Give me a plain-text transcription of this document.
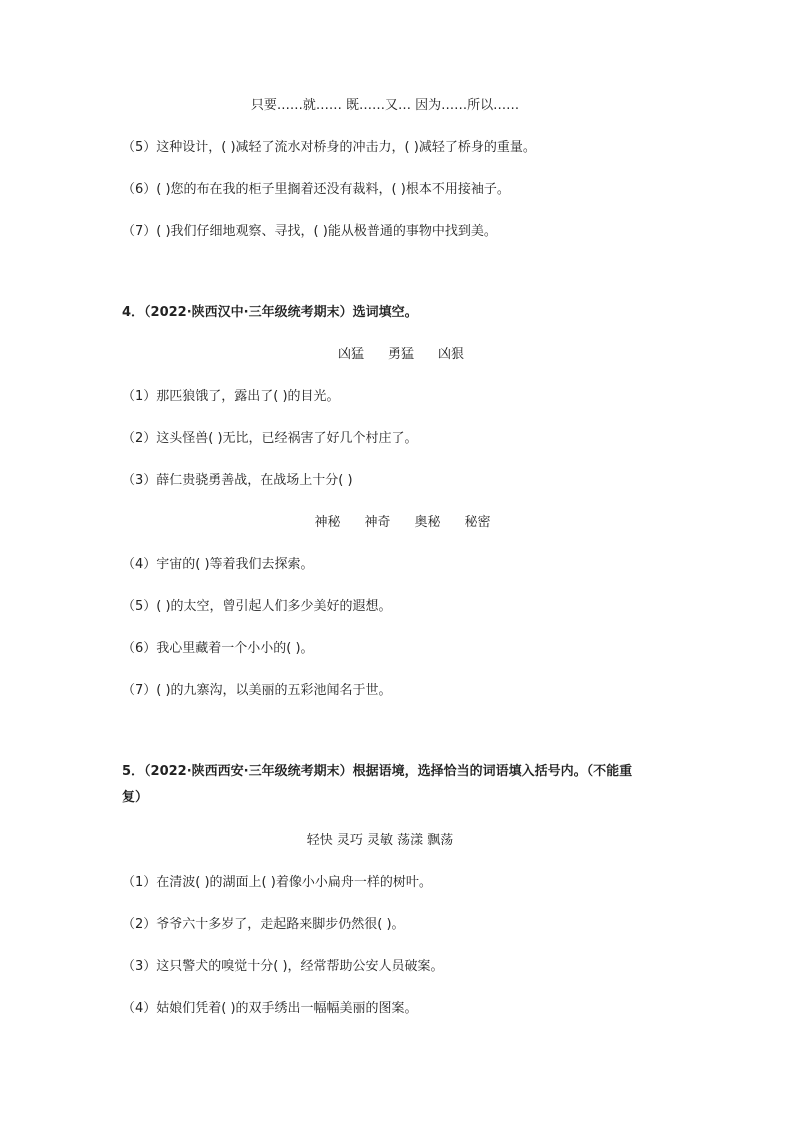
只要……就…… 既……又… 因为……所以……
（5）这种设计，( )减轻了流水对桥身的冲击力，( )减轻了桥身的重量。
（6）( )您的布在我的柜子里搁着还没有裁料，( )根本不用接袖子。
（7）( )我们仔细地观察、寻找，( )能从极普通的事物中找到美。
4．（2022·陕西汉中·三年级统考期末）选词填空。
凶猛 勇猛 凶狠
（1）那匹狼饿了，露出了( )的目光。
（2）这头怪兽( )无比，已经祸害了好几个村庄了。
（3）薛仁贵骁勇善战，在战场上十分( )
神秘 神奇 奥秘 秘密
（4）宇宙的( )等着我们去探索。
（5）( )的太空，曾引起人们多少美好的遐想。
（6）我心里藏着一个小小的( )。
（7）( )的九寨沟，以美丽的五彩池闻名于世。
5．（2022·陕西西安·三年级统考期末）根据语境，选择恰当的词语填入括号内。（不能重
复）
轻快 灵巧 灵敏 荡漾 飘荡
（1）在清波( )的湖面上( )着像小小扁舟一样的树叶。
（2）爷爷六十多岁了，走起路来脚步仍然很( )。
（3）这只警犬的嗅觉十分( )，经常帮助公安人员破案。
（4）姑娘们凭着( )的双手绣出一幅幅美丽的图案。
